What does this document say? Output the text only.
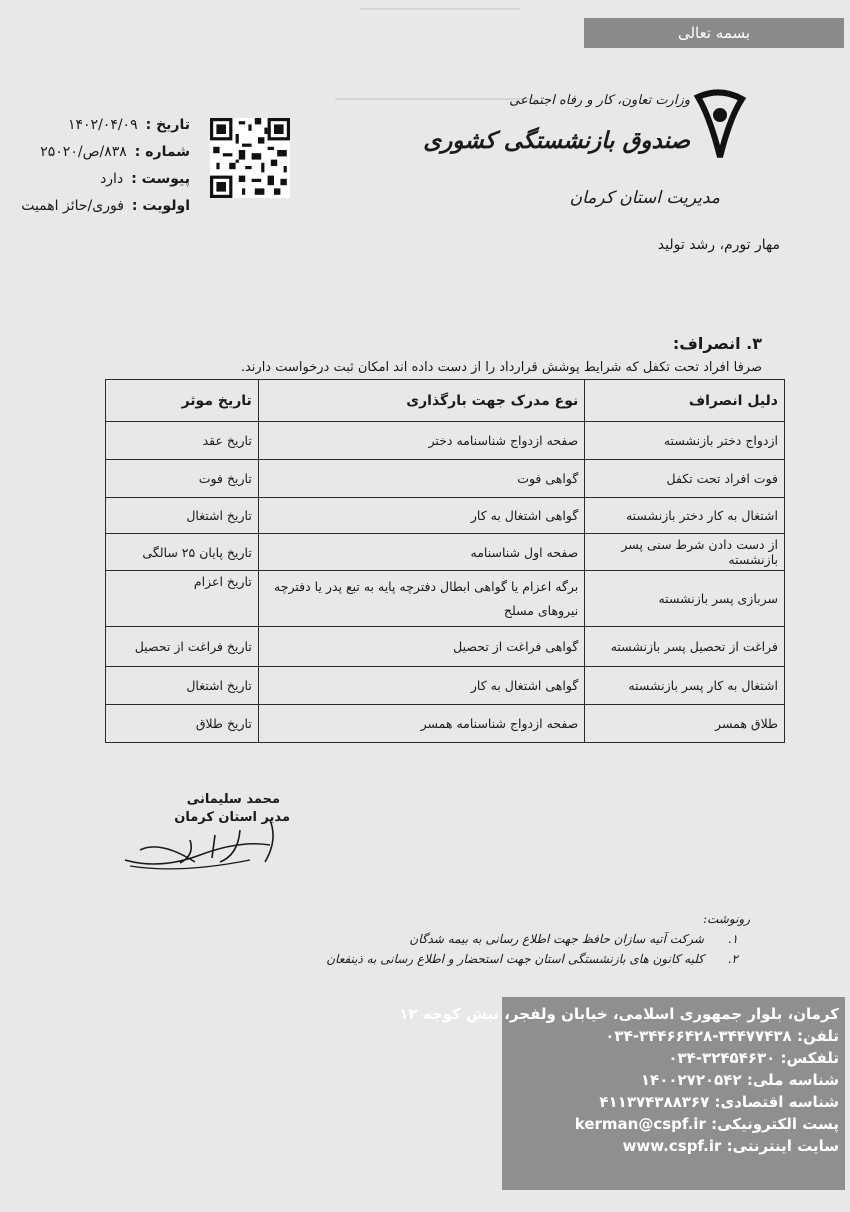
بسمه تعالی
وزارت تعاون، کار و رفاه اجتماعی
صندوق بازنشستگی کشوری
مدیریت استان کرمان
تاریخ :
۱۴۰۲/۰۴/۰۹
شماره :
۸۳۸/ص/۲۵۰۲۰
پیوست :
دارد
اولویت :
فوری/حائز اهمیت
مهار تورم، رشد تولید
۳. انصراف:
صرفا افراد تحت تکفل که شرایط پوشش قرارداد را از دست داده اند امکان ثبت درخواست دارند.
دلیل انصراف	نوع مدرک جهت بارگذاری	تاریخ موثر
ازدواج دختر بازنشسته	صفحه ازدواج شناسنامه دختر	تاریخ عقد
فوت افراد تحت تکفل	گواهی فوت	تاریخ فوت
اشتغال به کار دختر بازنشسته	گواهی اشتغال به کار	تاریخ اشتغال
از دست دادن شرط سنی پسر بازنشسته	صفحه اول شناسنامه	تاریخ پایان ۲۵ سالگی
سربازی پسر بازنشسته	برگه اعزام یا گواهی ابطال دفترچه پایه به تبع پدر یا دفترچه نیروهای مسلح	تاریخ اعزام
فراغت از تحصیل پسر بازنشسته	گواهی فراغت از تحصیل	تاریخ فراغت از تحصیل
اشتغال به کار پسر بازنشسته	گواهی اشتغال به کار	تاریخ اشتغال
طلاق همسر	صفحه ازدواج شناسنامه همسر	تاریخ طلاق
محمد سلیمانی
مدیر استان کرمان
رونوشت:
۱. شرکت آتیه سازان حافظ جهت اطلاع رسانی به بیمه شدگان
۲. کلیه کانون های بازنشستگی استان جهت استحضار و اطلاع رسانی به ذینفعان
کرمان، بلوار جمهوری اسلامی، خیابان ولفجر، نبش کوچه ۱۲
تلفن: ۳۴۴۷۷۴۳۸-۳۴۴۶۶۴۲۸-۰۳۴
تلفکس: ۳۲۴۵۴۶۳۰-۰۳۴
شناسه ملی: ۱۴۰۰۲۷۲۰۵۴۲
شناسه اقتصادی: ۴۱۱۳۷۴۳۸۸۳۶۷
پست الکترونیکی: kerman@cspf.ir
سایت اینترنتی: www.cspf.ir
